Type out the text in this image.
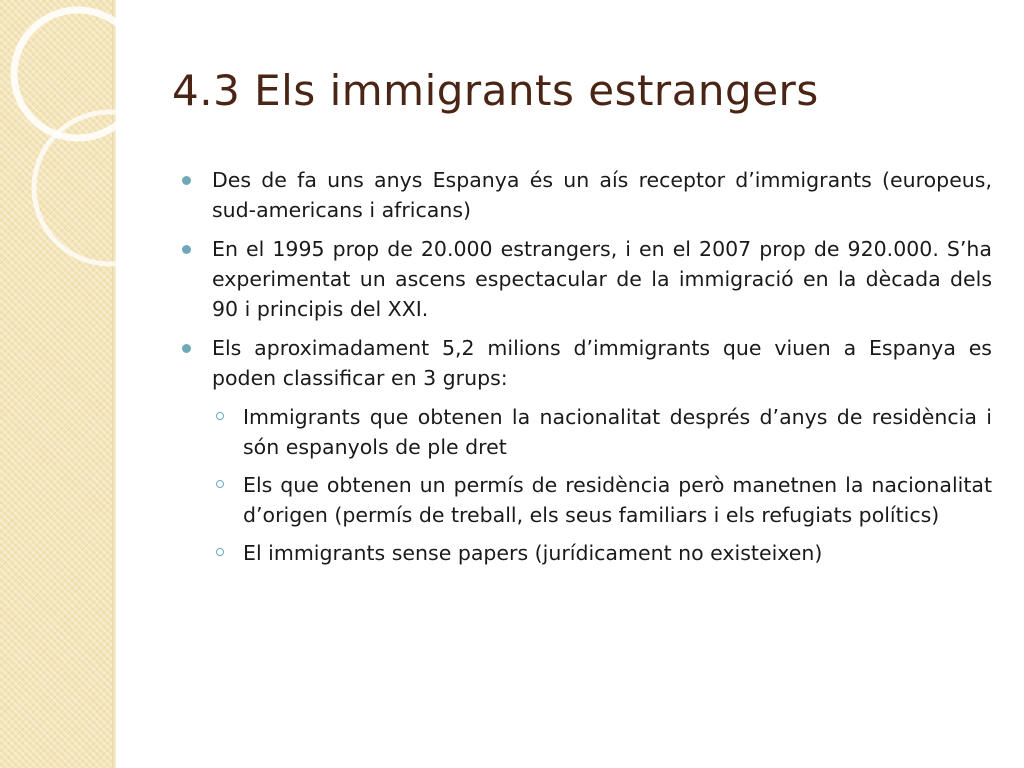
4.3 Els immigrants estrangers
Des de fa uns anys Espanya és un aís receptor d’immigrants (europeus, sud-americans i africans)
En el 1995 prop de 20.000 estrangers, i en el 2007 prop de 920.000. S’ha experimentat un ascens espectacular de la immigració en la dècada dels 90 i principis del XXI.
Els aproximadament 5,2 milions d’immigrants que viuen a Espanya es poden classificar en 3 grups:
Immigrants que obtenen la nacionalitat després d’anys de residència i són espanyols de ple dret
Els que obtenen un permís de residència però manetnen la nacionalitat d’origen (permís de treball, els seus familiars i els refugiats polítics)
El immigrants sense papers (jurídicament no existeixen)
